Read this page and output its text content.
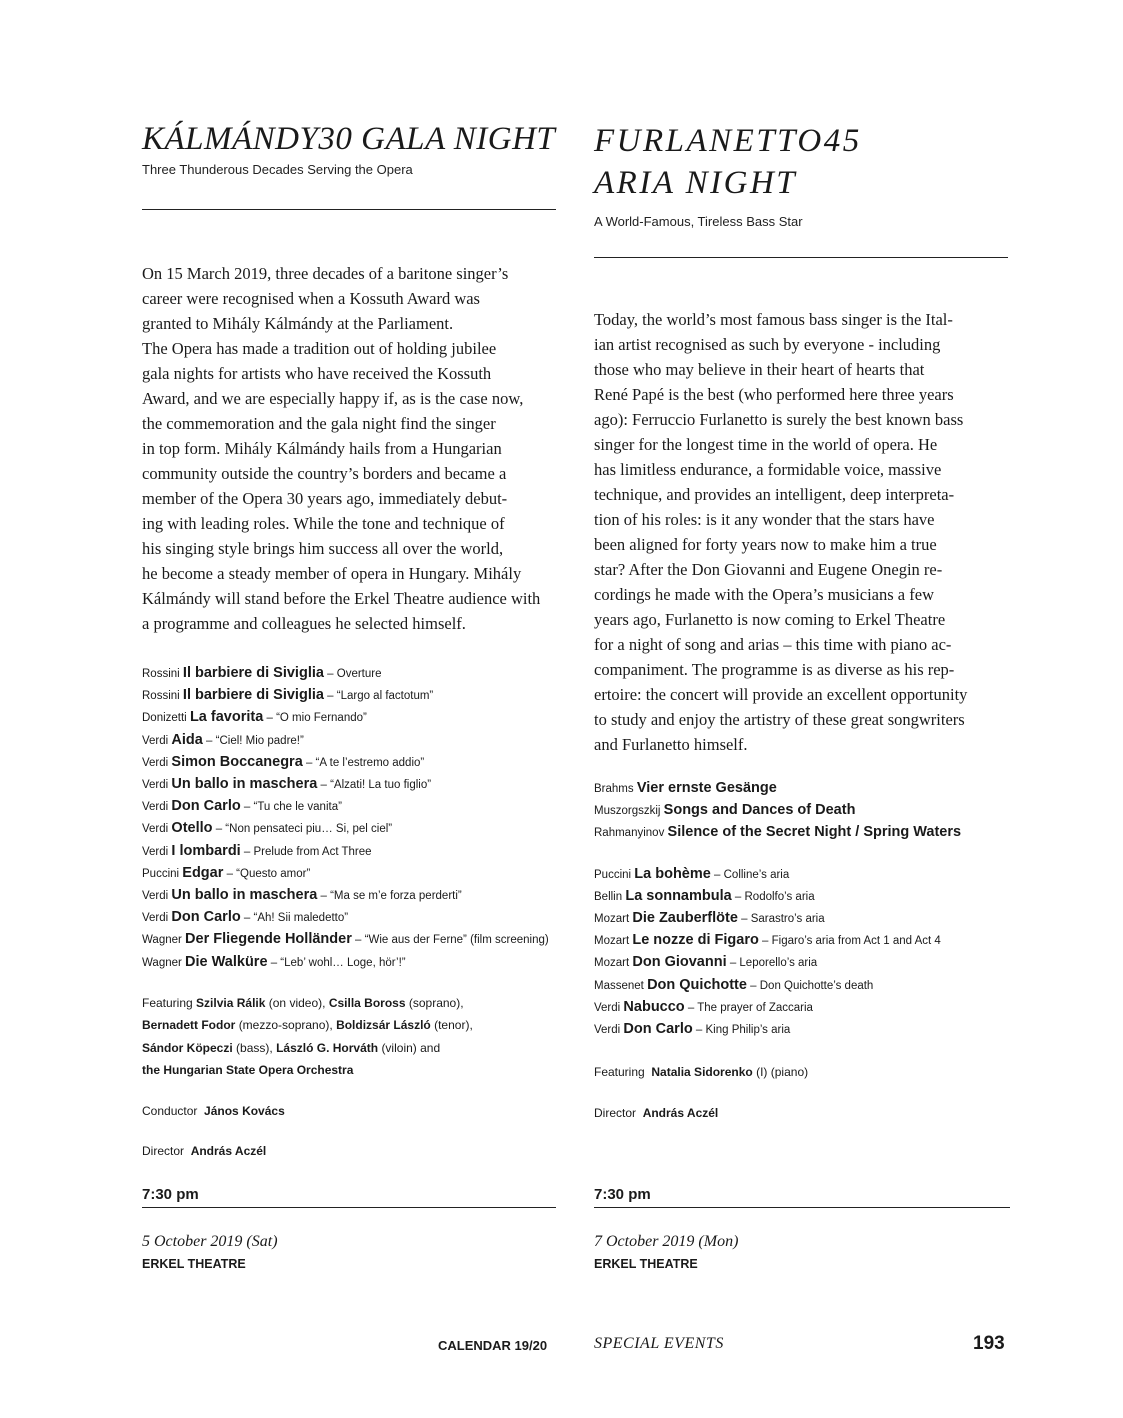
KÁLMÁNDY30 GALA NIGHT

Three Thunderous Decades Serving the Opera

On 15 March 2019, three decades of a baritone singer’s
career were recognised when a Kossuth Award was
granted to Mihály Kálmándy at the Parliament.
The Opera has made a tradition out of holding jubilee
gala nights for artists who have received the Kossuth
Award, and we are especially happy if, as is the case now,
the commemoration and the gala night find the singer
in top form. Mihály Kálmándy hails from a Hungarian
community outside the country’s borders and became a
member of the Opera 30 years ago, immediately debut-
ing with leading roles. While the tone and technique of
his singing style brings him success all over the world,
he become a steady member of opera in Hungary. Mihály
Kálmándy will stand before the Erkel Theatre audience with
a programme and colleagues he selected himself.
Rossini Il barbiere di Siviglia – Overture
Rossini Il barbiere di Siviglia – “Largo al factotum”
Donizetti La favorita – “O mio Fernando”
Verdi Aida – “Ciel! Mio padre!”
Verdi Simon Boccanegra – “A te l’estremo addio”
Verdi Un ballo in maschera – “Alzati! La tuo figlio”
Verdi Don Carlo – “Tu che le vanita”
Verdi Otello – “Non pensateci piu… Si, pel ciel”
Verdi I lombardi – Prelude from Act Three
Puccini Edgar – “Questo amor”
Verdi Un ballo in maschera – “Ma se m’e forza perderti”
Verdi Don Carlo – “Ah! Sii maledetto”
Wagner Der Fliegende Holländer – “Wie aus der Ferne” (film screening)
Wagner Die Walküre – “Leb’ wohl… Loge, hör’!”
Featuring Szilvia Rálik (on video), Csilla Boross (soprano),
Bernadett Fodor (mezzo-soprano), Boldizsár László (tenor),
Sándor Köpeczi (bass), László G. Horváth (viloin) and
the Hungarian State Opera Orchestra

Conductor János Kovács

Director András Aczél

7:30 pm

5 October 2019 (Sat)

ERKEL THEATRE

FURLANETTO45
ARIA NIGHT

A World-Famous, Tireless Bass Star

Today, the world’s most famous bass singer is the Ital-
ian artist recognised as such by everyone - including
those who may believe in their heart of hearts that
René Papé is the best (who performed here three years
ago): Ferruccio Furlanetto is surely the best known bass
singer for the longest time in the world of opera. He
has limitless endurance, a formidable voice, massive
technique, and provides an intelligent, deep interpreta-
tion of his roles: is it any wonder that the stars have
been aligned for forty years now to make him a true
star? After the Don Giovanni and Eugene Onegin re-
cordings he made with the Opera’s musicians a few
years ago, Furlanetto is now coming to Erkel Theatre
for a night of song and arias – this time with piano ac-
companiment. The programme is as diverse as his rep-
ertoire: the concert will provide an excellent opportunity
to study and enjoy the artistry of these great songwriters
and Furlanetto himself.
Brahms Vier ernste Gesänge
Muszorgszkij Songs and Dances of Death
Rahmanyinov Silence of the Secret Night / Spring Waters
Puccini La bohème – Colline’s aria
Bellin La sonnambula – Rodolfo’s aria
Mozart Die Zauberflöte – Sarastro’s aria
Mozart Le nozze di Figaro – Figaro’s aria from Act 1 and Act 4
Mozart Don Giovanni – Leporello’s aria
Massenet Don Quichotte – Don Quichotte’s death
Verdi Nabucco – The prayer of Zaccaria
Verdi Don Carlo – King Philip’s aria

Featuring Natalia Sidorenko (I) (piano)

Director András Aczél

7:30 pm

7 October 2019 (Mon)

ERKEL THEATRE

CALENDAR 19/20	SPECIAL EVENTS	193
